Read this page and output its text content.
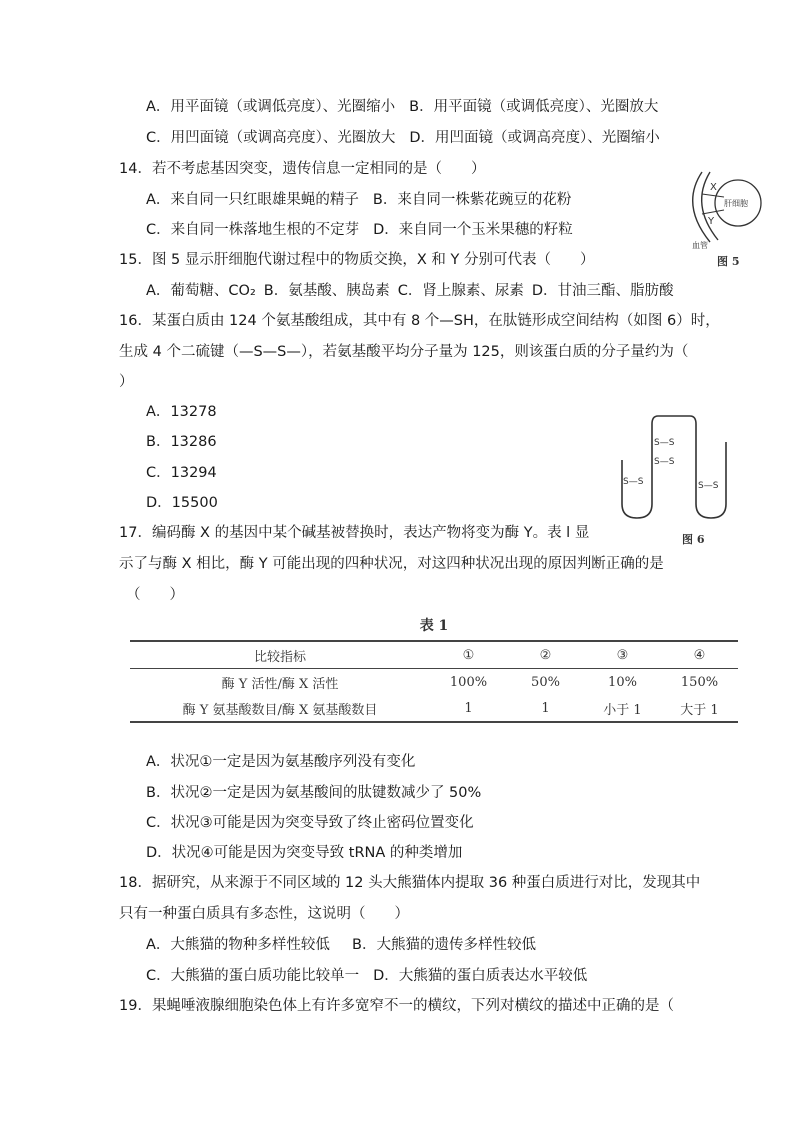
A．用平面镜（或调低亮度）、光圈缩小 B．用平面镜（或调低亮度）、光圈放大
C．用凹面镜（或调高亮度）、光圈放大 D．用凹面镜（或调高亮度）、光圈缩小
14．若不考虑基因突变，遗传信息一定相同的是（　　）
A．来自同一只红眼雄果蝇的精子 B．来自同一株紫花豌豆的花粉
C．来自同一株落地生根的不定芽 D．来自同一个玉米果穗的籽粒
X
Y
肝细胞
血管
图 5
15．图 5 显示肝细胞代谢过程中的物质交换，X 和 Y 分别可代表（　　）
A．葡萄糖、CO₂ B．氨基酸、胰岛素 C．肾上腺素、尿素 D．甘油三酯、脂肪酸
16．某蛋白质由 124 个氨基酸组成，其中有 8 个—SH，在肽链形成空间结构（如图 6）时，
生成 4 个二硫键（—S—S—），若氨基酸平均分子量为 125，则该蛋白质的分子量约为（
）
A．13278
B．13286
C．13294
D．15500
S—S
S—S
S—S
S—S
图 6
17．编码酶 X 的基因中某个碱基被替换时，表达产物将变为酶 Y。表 l 显
示了与酶 X 相比，酶 Y 可能出现的四种状况，对这四种状况出现的原因判断正确的是
（　　）
表 1
比较指标	①	②	③	④
酶 Y 活性/酶 X 活性	100%	50%	10%	150%
酶 Y 氨基酸数目/酶 X 氨基酸数目	1	1	小于 1	大于 1
A．状况①一定是因为氨基酸序列没有变化
B．状况②一定是因为氨基酸间的肽键数减少了 50%
C．状况③可能是因为突变导致了终止密码位置变化
D．状况④可能是因为突变导致 tRNA 的种类增加
18．据研究，从来源于不同区域的 12 头大熊猫体内提取 36 种蛋白质进行对比，发现其中
只有一种蛋白质具有多态性，这说明（　　）
A．大熊猫的物种多样性较低 B．大熊猫的遗传多样性较低
C．大熊猫的蛋白质功能比较单一 D．大熊猫的蛋白质表达水平较低
19．果蝇唾液腺细胞染色体上有许多宽窄不一的横纹，下列对横纹的描述中正确的是（
